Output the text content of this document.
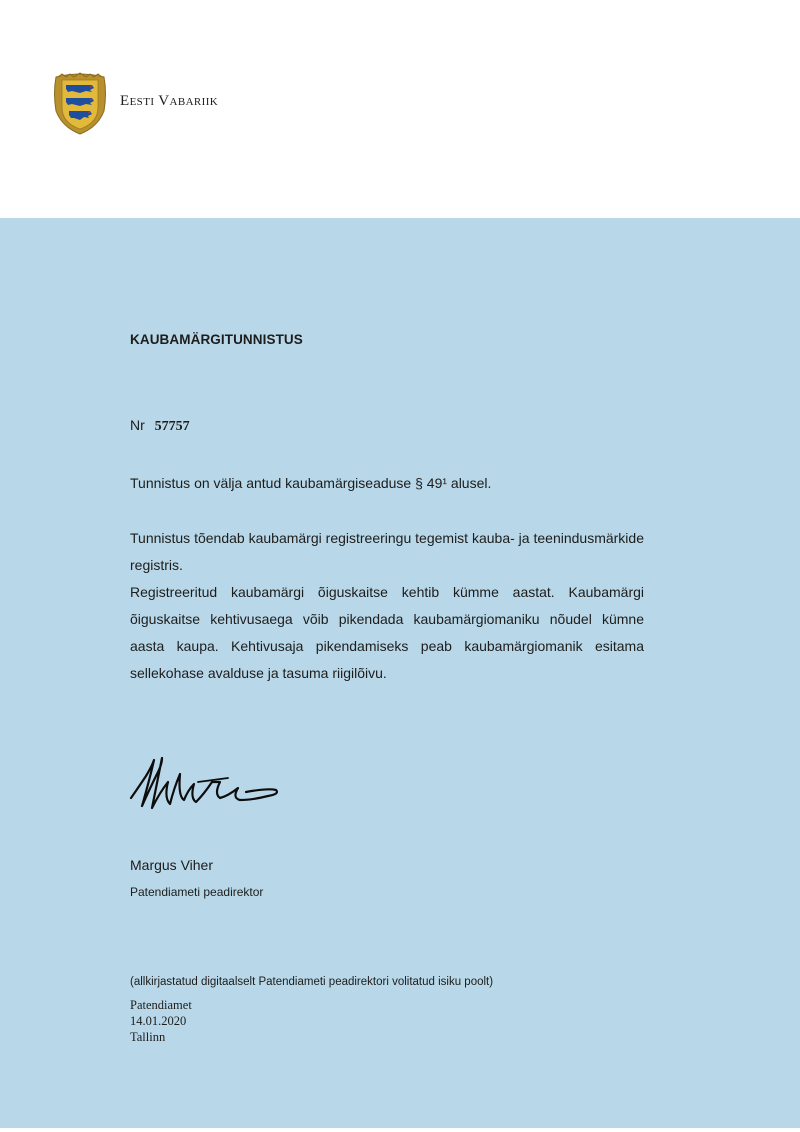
Eesti Vabariik
KAUBAMÄRGITUNNISTUS
Nr 57757
Tunnistus on välja antud kaubamärgiseaduse § 49¹ alusel.
Tunnistus tõendab kaubamärgi registreeringu tegemist kauba- ja teenindusmärkide registris.
Registreeritud kaubamärgi õiguskaitse kehtib kümme aastat. Kaubamärgi õiguskaitse kehtivusaega võib pikendada kaubamärgiomaniku nõudel kümne aasta kaupa. Kehtivusaja pikendamiseks peab kaubamärgiomanik esitama sellekohase avalduse ja tasuma riigilõivu.
Margus Viher
Patendiameti peadirektor
(allkirjastatud digitaalselt Patendiameti peadirektori volitatud isiku poolt)
Patendiamet
14.01.2020
Tallinn
